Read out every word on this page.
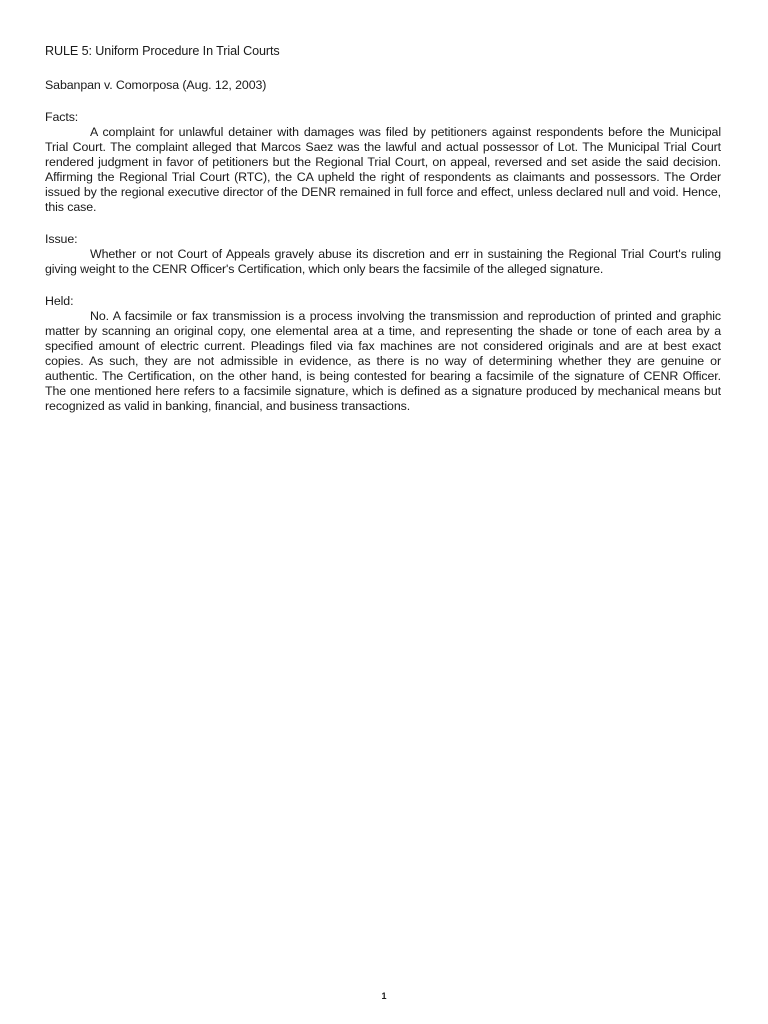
RULE 5: Uniform Procedure In Trial Courts
Sabanpan v. Comorposa (Aug. 12, 2003)
Facts:

A complaint for unlawful detainer with damages was filed by petitioners against respondents before the Municipal Trial Court. The complaint alleged that Marcos Saez was the lawful and actual possessor of Lot. The Municipal Trial Court rendered judgment in favor of petitioners but the Regional Trial Court, on appeal, reversed and set aside the said decision. Affirming the Regional Trial Court (RTC), the CA upheld the right of respondents as claimants and possessors. The Order issued by the regional executive director of the DENR remained in full force and effect, unless declared null and void. Hence, this case.

Issue:

Whether or not Court of Appeals gravely abuse its discretion and err in sustaining the Regional Trial Court's ruling giving weight to the CENR Officer's Certification, which only bears the facsimile of the alleged signature.

Held:

No. A facsimile or fax transmission is a process involving the transmission and reproduction of printed and graphic matter by scanning an original copy, one elemental area at a time, and representing the shade or tone of each area by a specified amount of electric current. Pleadings filed via fax machines are not considered originals and are at best exact copies. As such, they are not admissible in evidence, as there is no way of determining whether they are genuine or authentic. The Certification, on the other hand, is being contested for bearing a facsimile of the signature of CENR Officer. The one mentioned here refers to a facsimile signature, which is defined as a signature produced by mechanical means but recognized as valid in banking, financial, and business transactions.

1
